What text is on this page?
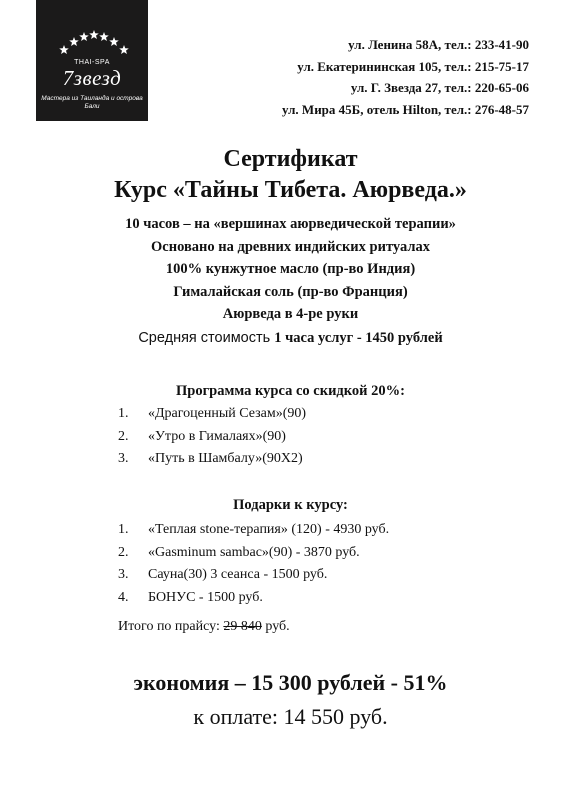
THAI-SPA
7звезд
Мастера из Таиланда и острова Бали
ул. Ленина 58А, тел.: 233-41-90
ул. Екатерининская 105, тел.: 215-75-17
ул. Г. Звезда 27, тел.: 220-65-06
ул. Мира 45Б, отель Hilton, тел.: 276-48-57
Сертификат
Курс «Тайны Тибета. Аюрведа.»
10 часов – на «вершинах аюрведической терапии»
Основано на древних индийских ритуалах
100% кунжутное масло (пр-во Индия)
Гималайская соль (пр-во Франция)
Аюрведа в 4-ре руки
Средняя стоимость 1 часа услуг - 1450 рублей
Программа курса со скидкой 20%:
1. «Драгоценный Сезам»(90)
2. «Утро в Гималаях»(90)
3. «Путь в Шамбалу»(90Х2)
Подарки к курсу:
1. «Теплая stone-терапия» (120) - 4930 руб.
2. «Gasminum sambac»(90) - 3870 руб.
3. Сауна(30) 3 сеанса - 1500 руб.
4. БОНУС - 1500 руб.
Итого по прайсу: 29 840 руб.
экономия – 15 300 рублей - 51%
к оплате: 14 550 руб.
